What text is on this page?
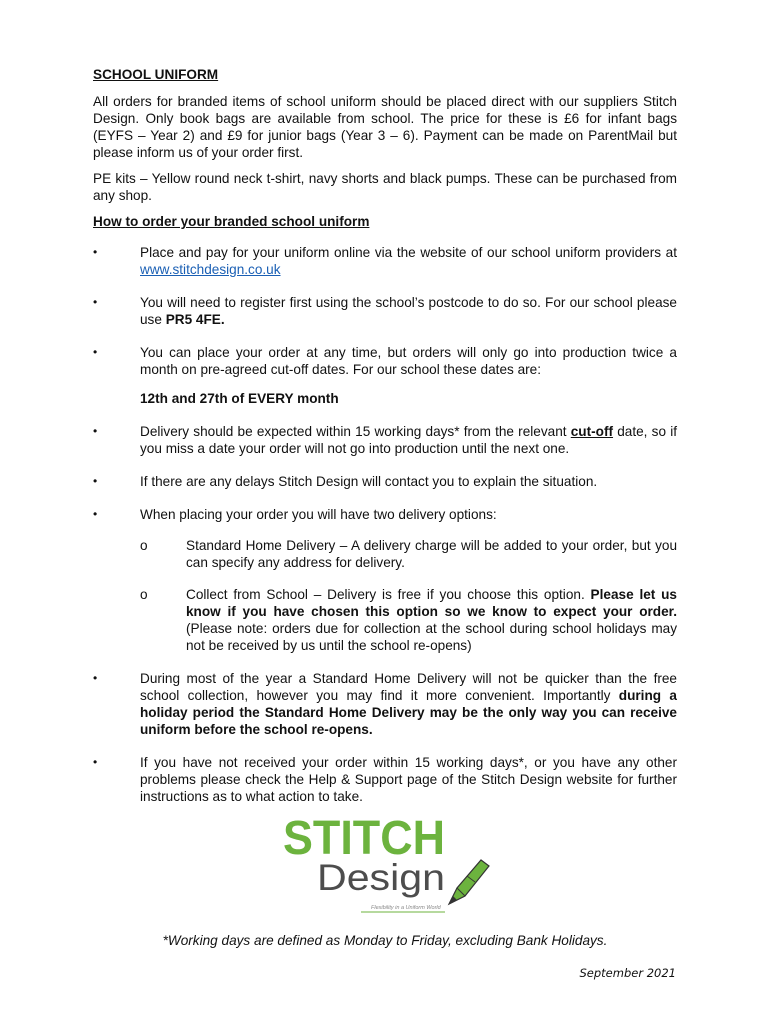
SCHOOL UNIFORM

All orders for branded items of school uniform should be placed direct with our suppliers Stitch Design. Only book bags are available from school. The price for these is £6 for infant bags (EYFS – Year 2) and £9 for junior bags (Year 3 – 6). Payment can be made on ParentMail but please inform us of your order first.

PE kits – Yellow round neck t-shirt, navy shorts and black pumps. These can be purchased from any shop.

How to order your branded school uniform
•	Place and pay for your uniform online via the website of our school uniform providers at www.stitchdesign.co.uk
•	You will need to register first using the school’s postcode to do so. For our school please use PR5 4FE.
•	You can place your order at any time, but orders will only go into production twice a month on pre-agreed cut-off dates. For our school these dates are:
12th and 27th of EVERY month
•	Delivery should be expected within 15 working days* from the relevant cut-off date, so if you miss a date your order will not go into production until the next one.
•	If there are any delays Stitch Design will contact you to explain the situation.
•	When placing your order you will have two delivery options:
o	Standard Home Delivery – A delivery charge will be added to your order, but you can specify any address for delivery.
o	Collect from School – Delivery is free if you choose this option. Please let us know if you have chosen this option so we know to expect your order. (Please note: orders due for collection at the school during school holidays may not be received by us until the school re-opens)
•	During most of the year a Standard Home Delivery will not be quicker than the free school collection, however you may find it more convenient. Importantly during a holiday period the Standard Home Delivery may be the only way you can receive uniform before the school re-opens.
•	If you have not received your order within 15 working days*, or you have any other problems please check the Help & Support page of the Stitch Design website for further instructions as to what action to take.
STITCH
Design
Flexibility in a Uniform World
*Working days are defined as Monday to Friday, excluding Bank Holidays.
September 2021
